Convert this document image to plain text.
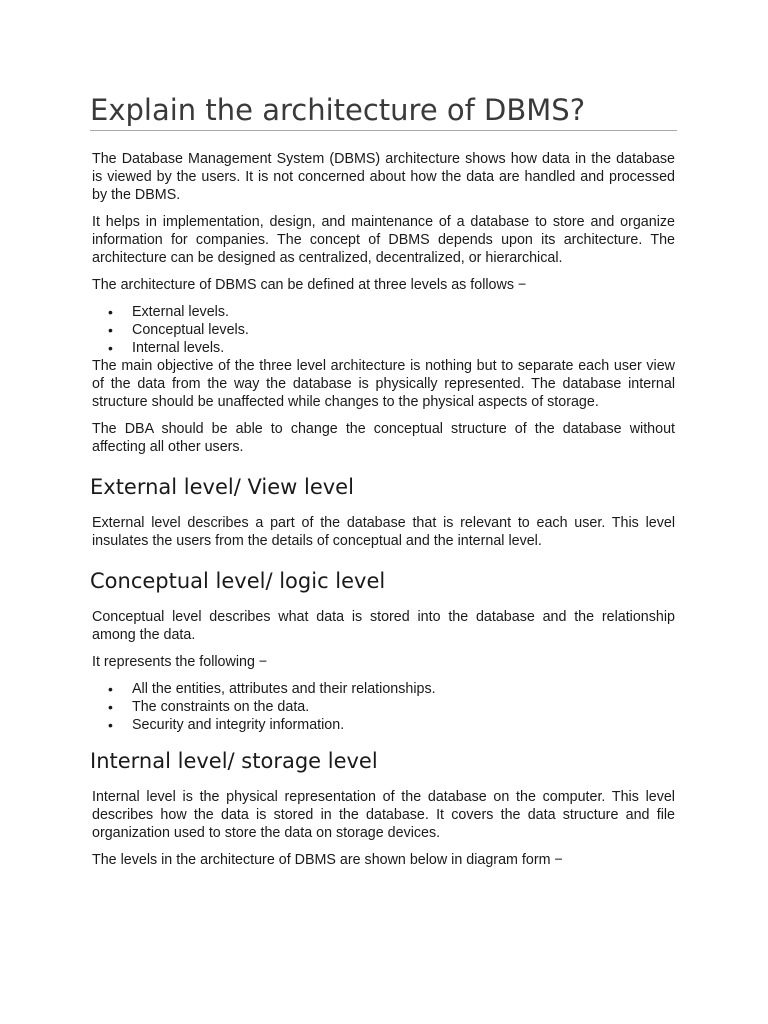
Explain the architecture of DBMS?

The Database Management System (DBMS) architecture shows how data in the database is viewed by the users. It is not concerned about how the data are handled and processed by the DBMS.

It helps in implementation, design, and maintenance of a database to store and organize information for companies. The concept of DBMS depends upon its architecture. The architecture can be designed as centralized, decentralized, or hierarchical.

The architecture of DBMS can be defined at three levels as follows −

• External levels.
• Conceptual levels.
• Internal levels.

The main objective of the three level architecture is nothing but to separate each user view of the data from the way the database is physically represented. The database internal structure should be unaffected while changes to the physical aspects of storage.

The DBA should be able to change the conceptual structure of the database without affecting all other users.

External level/ View level

External level describes a part of the database that is relevant to each user. This level insulates the users from the details of conceptual and the internal level.

Conceptual level/ logic level

Conceptual level describes what data is stored into the database and the relationship among the data.

It represents the following −

• All the entities, attributes and their relationships.
• The constraints on the data.
• Security and integrity information.
Internal level/ storage level

Internal level is the physical representation of the database on the computer. This level describes how the data is stored in the database. It covers the data structure and file organization used to store the data on storage devices.

The levels in the architecture of DBMS are shown below in diagram form −
